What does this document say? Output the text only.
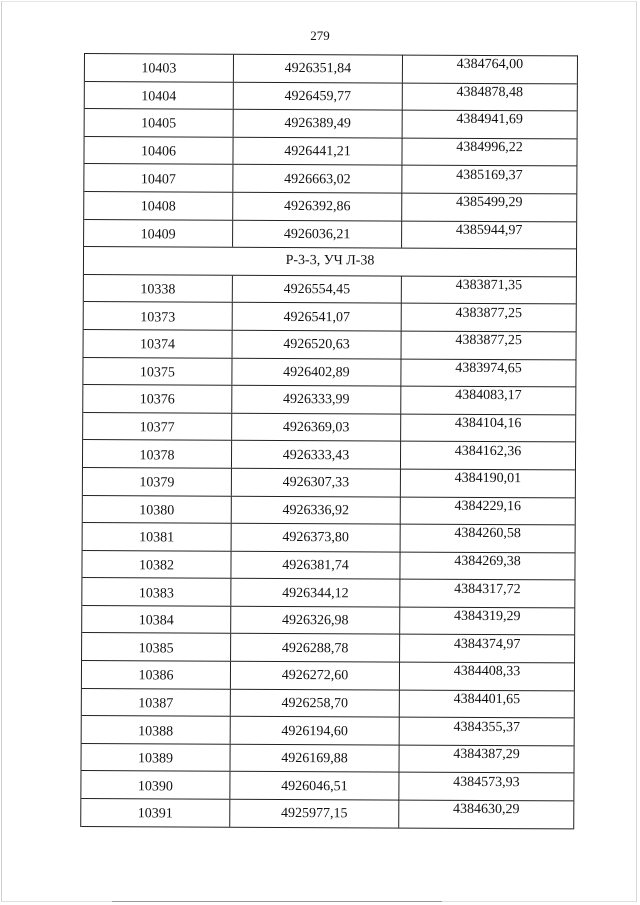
279
10403	4926351,84	4384764,00
10404	4926459,77	4384878,48
10405	4926389,49	4384941,69
10406	4926441,21	4384996,22
10407	4926663,02	4385169,37
10408	4926392,86	4385499,29
10409	4926036,21	4385944,97
Р-3-3, УЧ Л-38
10338	4926554,45	4383871,35
10373	4926541,07	4383877,25
10374	4926520,63	4383877,25
10375	4926402,89	4383974,65
10376	4926333,99	4384083,17
10377	4926369,03	4384104,16
10378	4926333,43	4384162,36
10379	4926307,33	4384190,01
10380	4926336,92	4384229,16
10381	4926373,80	4384260,58
10382	4926381,74	4384269,38
10383	4926344,12	4384317,72
10384	4926326,98	4384319,29
10385	4926288,78	4384374,97
10386	4926272,60	4384408,33
10387	4926258,70	4384401,65
10388	4926194,60	4384355,37
10389	4926169,88	4384387,29
10390	4926046,51	4384573,93
10391	4925977,15	4384630,29
